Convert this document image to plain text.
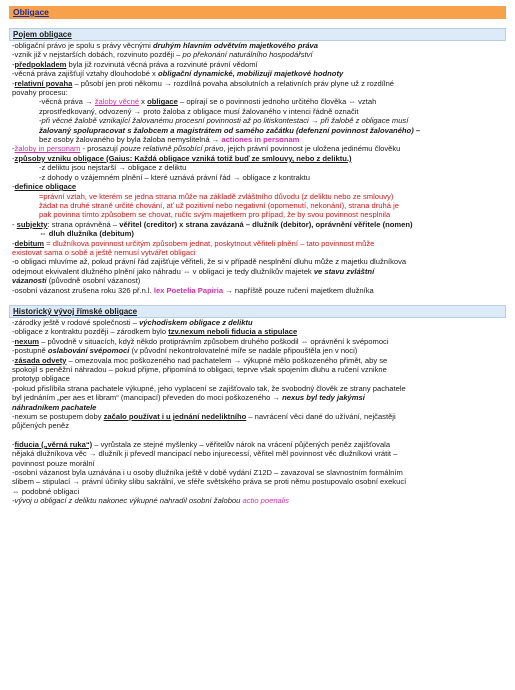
Obligace
Pojem obligace

-obligační právo je spolu s právy věcnými druhým hlavním odvětvím majetkového práva

-vznik již v nejstarších dobách, rozvinuto později – po překonání naturálního hospodářství

-předpokladem byla již rozvinutá věcná práva a rozvinuté právní vědomí

-věcná práva zajišťují vztahy dlouhodobé x obligační dynamické, mobilizují majetkové hodnoty

-relativní povaha – působí jen proti někomu → rozdílná povaha absolutních a relativních práv plyne už z rozdílné

povahy procesu:

-věcná práva → žaloby věcné x obligace – opírají se o povinnosti jednoho určitého člověka ⇔ vztah

zprostředkovaný, odvozený → proto žaloba z obligace musí žalovaného v intenci řádně označit

-při věcné žalobě vznikající žalovanému procesní povinnosti až po litiskontestaci → při žalobě z obligace musí

žalovaný spolupracovat s žalobcem a magistrátem od samého začátku (defenzní povinnost žalovaného) –

bez osoby žalovaného by byla žaloba nemyslitelná → actiones in personam

-žaloby in personam - prosazují pouze relativně působící právo, jejich právní povinnost je uložena jedinému člověku

-způsoby vzniku obligace (Gaius: Každá obligace vzniká totiž buď ze smlouvy, nebo z deliktu.)

-z deliktu jsou nejstarší → obligace z deliktu

-z dohody o vzájemném plnění – které uznává právní řád → obligace z kontraktu

-definice obligace

=právní vztah, ve kterém se jedna strana může na základě zvláštního důvodu (z deliktu nebo ze smlouvy)

žádat na druhé straně určité chování, ať už pozitivní nebo negativní (opomenutí, nekonání), strana druhá je

pak povinna tímto způsobem se chovat, ručíc svým majetkem pro případ, že by svou povinnost nesplnila

- subjekty: strana oprávněná – věřitel (creditor) x strana zavázaná – dlužník (debitor), oprávnění věřitele (nomen)

⇔ dluh dlužníka (debitum)

-debitum = dlužníkova povinnost určitým způsobem jednat, poskytnout věřiteli plnění – tato povinnost může

existovat sama o sobě a ještě nemusí vytvářet obligaci

-o obligaci mluvíme až, pokud právní řád zajišťuje věřiteli, že si v případě nesplnění dluhu může z majetku dlužníkova

odejmout ekvivalent dlužného plnění jako náhradu ⇔ v obligaci je tedy dlužníkův majetek ve stavu zvláštní

vázanosti (původně osobní vázanost)

-osobní vázanost zrušena roku 326 př.n.l. lex Poetelia Papiria → napříště pouze ručení majetkem dlužníka

Historický vývoj římské obligace

-zárodky ještě v rodové společnosti – východiskem obligace z deliktu

-obligace z kontraktu později – zárodkem bylo tzv.nexum neboli fiducia a stipulace

-nexum – původně v situacích, když někdo protiprávním způsobem druhého poškodil ⇔ oprávnění k svépomoci

-postupně oslabování svépomoci (v původní nekontrolovatelné míře se nadále připouštěla jen v noci)

-zásada odvety – omezovala moc poškozeného nad pachatelem → výkupné mělo poškozeného přimět, aby se

spokojil s peněžní náhradou – pokud přijme, připomíná to obligaci, teprve však spojením dluhu a ručení vzniknе

prototyp obligace

-pokud přislíbila strana pachatele výkupné, jeho vyplacení se zajišťovalo tak, že svobodný člověk ze strany pachatele

byl jednáním „per aes et libram“ (mancipací) převeden do moci poškozeného → nexus byl tedy jakýmsi

náhradníkem pachatele

-nexum se postupem doby začalo používat i u jednání nedeliktního – navrácení věci dané do užívání, nejčastěji

půjčených peněz

-fiducia („věrná ruka“) – vyrůstala ze stejné myšlenky – věřitelův nárok na vrácení půjčených peněz zajišťovala

nějaká dlužníkova věc → dlužník ji převedl mancipací nebo injurecessí, věřitel měl povinnost věc dlužníkovi vrátit –

povinnost pouze morální

-osobní vázanost byla uznávána i u osoby dlužníka ještě v době vydání Z12D – zavazoval se slavnostním formálním

slibem – stipulací → právní účinky slibu sakrální, ve sféře světského práva se proti němu postupovalo osobní exekucí

⇔ podobné obligaci

-vývoj u obligací z deliktu nakonec výkupné nahradil osobní žalobou actio poenalis
